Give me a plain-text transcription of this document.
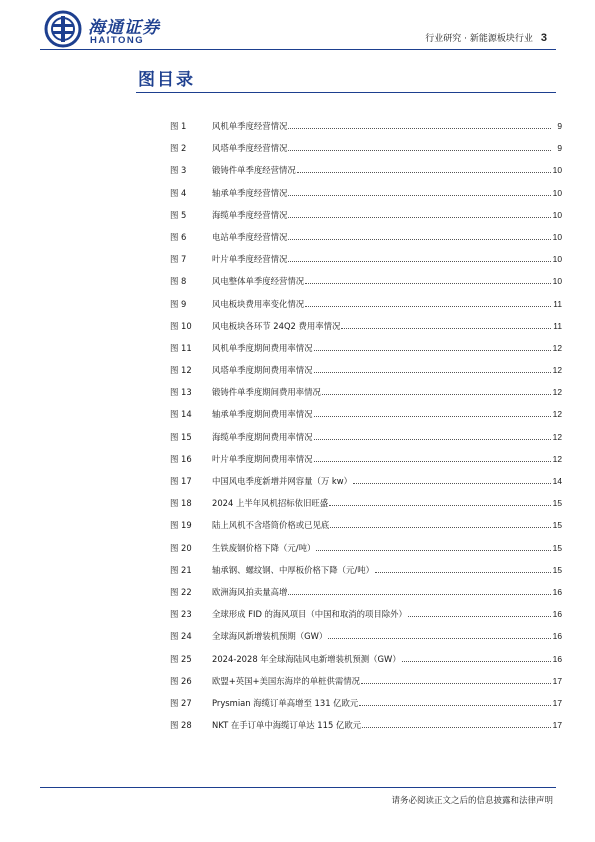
海通证券
HAITONG	行业研究 · 新能源板块行业 3
图目录
图 1	风机单季度经营情况	9
图 2	风塔单季度经营情况	9
图 3	锻铸件单季度经营情况	10
图 4	轴承单季度经营情况	10
图 5	海缆单季度经营情况	10
图 6	电站单季度经营情况	10
图 7	叶片单季度经营情况	10
图 8	风电整体单季度经营情况	10
图 9	风电板块费用率变化情况	11
图 10	风电板块各环节 24Q2 费用率情况	11
图 11	风机单季度期间费用率情况	12
图 12	风塔单季度期间费用率情况	12
图 13	锻铸件单季度期间费用率情况	12
图 14	轴承单季度期间费用率情况	12
图 15	海缆单季度期间费用率情况	12
图 16	叶片单季度期间费用率情况	12
图 17	中国风电季度新增并网容量（万 kw）	14
图 18	2024 上半年风机招标依旧旺盛	15
图 19	陆上风机不含塔筒价格或已见底	15
图 20	生铁废钢价格下降（元/吨）	15
图 21	轴承钢、螺纹钢、中厚板价格下降（元/吨）	15
图 22	欧洲海风拍卖量高增	16
图 23	全球形成 FID 的海风项目（中国和取消的项目除外）	16
图 24	全球海风新增装机预期（GW）	16
图 25	2024-2028 年全球海陆风电新增装机预测（GW）	16
图 26	欧盟+英国+美国东海岸的单桩供需情况	17
图 27	Prysmian 海缆订单高增至 131 亿欧元	17
图 28	NKT 在手订单中海缆订单达 115 亿欧元	17
请务必阅读正文之后的信息披露和法律声明
